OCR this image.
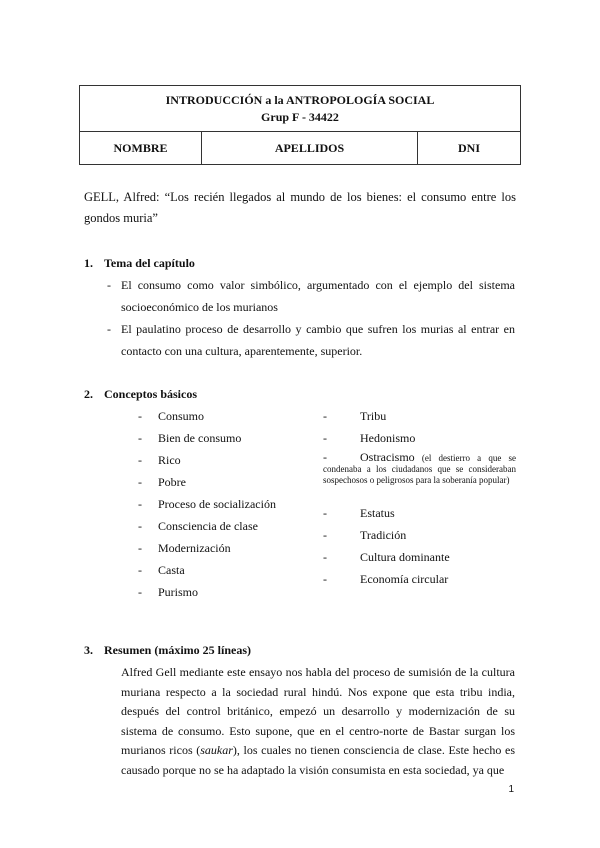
INTRODUCCIÓN a la ANTROPOLOGÍA SOCIAL
Grup F - 34422

NOMBRE	APELLIDOS	DNI
GELL, Alfred: “Los recién llegados al mundo de los bienes: el consumo entre los gondos muria”
1. Tema del capítulo
- El consumo como valor simbólico, argumentado con el ejemplo del sistema socioeconómico de los murianos
- El paulatino proceso de desarrollo y cambio que sufren los murias al entrar en contacto con una cultura, aparentemente, superior.
2. Conceptos básicos
- Consumo
- Bien de consumo
- Rico
- Pobre
- Proceso de socialización
- Consciencia de clase
- Modernización
- Casta
- Purismo
-	Tribu
-	Hedonismo
-	Ostracismo (el destierro a que se condenaba a los ciudadanos que se consideraban sospechosos o peligrosos para la soberanía popular)
-	Estatus
-	Tradición
-	Cultura dominante
-	Economía circular
3. Resumen (máximo 25 líneas)
Alfred Gell mediante este ensayo nos habla del proceso de sumisión de la cultura muriana respecto a la sociedad rural hindú. Nos expone que esta tribu india, después del control británico, empezó un desarrollo y modernización de su sistema de consumo. Esto supone, que en el centro-norte de Bastar surgan los murianos ricos (saukar), los cuales no tienen consciencia de clase. Este hecho es causado porque no se ha adaptado la visión consumista en esta sociedad, ya que
1
